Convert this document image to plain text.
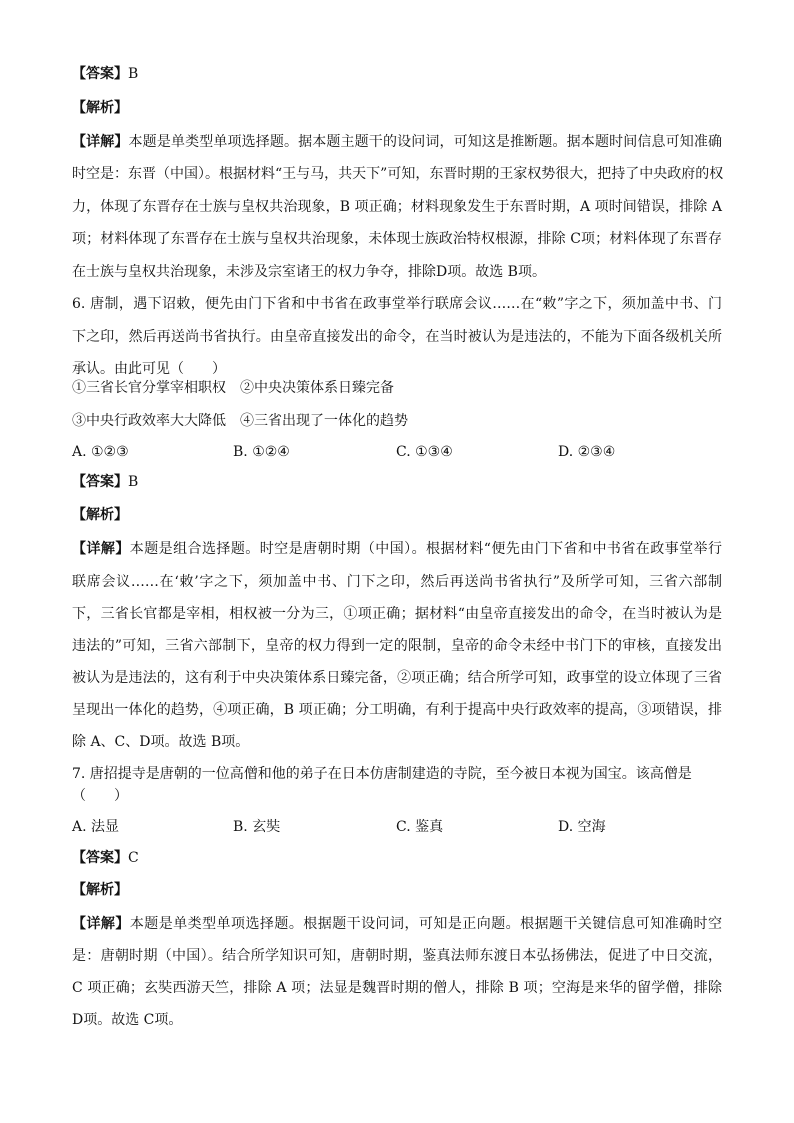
【答案】B
【解析】
【详解】本题是单类型单项选择题。据本题主题干的设问词，可知这是推断题。据本题时间信息可知准确
时空是：东晋（中国）。根据材料“王与马，共天下”可知，东晋时期的王家权势很大，把持了中央政府的权
力，体现了东晋存在士族与皇权共治现象，B 项正确；材料现象发生于东晋时期，A 项时间错误，排除 A
项；材料体现了东晋存在士族与皇权共治现象，未体现士族政治特权根源，排除 C项；材料体现了东晋存
在士族与皇权共治现象，未涉及宗室诸王的权力争夺，排除D项。故选 B项。
6. 唐制，遇下诏敕，便先由门下省和中书省在政事堂举行联席会议……在“敕”字之下，须加盖中书、门
下之印，然后再送尚书省执行。由皇帝直接发出的命令，在当时被认为是违法的，不能为下面各级机关所
承认。由此可见（　　）
①三省长官分掌宰相职权　②中央决策体系日臻完备
③中央行政效率大大降低　④三省出现了一体化的趋势
A. ①②③	B. ①②④	C. ①③④	D. ②③④
【答案】B
【解析】
【详解】本题是组合选择题。时空是唐朝时期（中国）。根据材料“便先由门下省和中书省在政事堂举行
联席会议……在‘敕’字之下，须加盖中书、门下之印，然后再送尚书省执行”及所学可知，三省六部制
下，三省长官都是宰相，相权被一分为三，①项正确；据材料“由皇帝直接发出的命令，在当时被认为是
违法的”可知，三省六部制下，皇帝的权力得到一定的限制，皇帝的命令未经中书门下的审核，直接发出
被认为是违法的，这有利于中央决策体系日臻完备，②项正确；结合所学可知，政事堂的设立体现了三省
呈现出一体化的趋势，④项正确，B 项正确；分工明确，有利于提高中央行政效率的提高，③项错误，排
除 A、C、D项。故选 B项。
7. 唐招提寺是唐朝的一位高僧和他的弟子在日本仿唐制建造的寺院，至今被日本视为国宝。该高僧是
（　　）
A. 法显	B. 玄奘	C. 鉴真	D. 空海
【答案】C
【解析】
【详解】本题是单类型单项选择题。根据题干设问词，可知是正向题。根据题干关键信息可知准确时空
是：唐朝时期（中国）。结合所学知识可知，唐朝时期，鉴真法师东渡日本弘扬佛法，促进了中日交流，
C 项正确；玄奘西游天竺，排除 A 项；法显是魏晋时期的僧人，排除 B 项；空海是来华的留学僧，排除
D项。故选 C项。
